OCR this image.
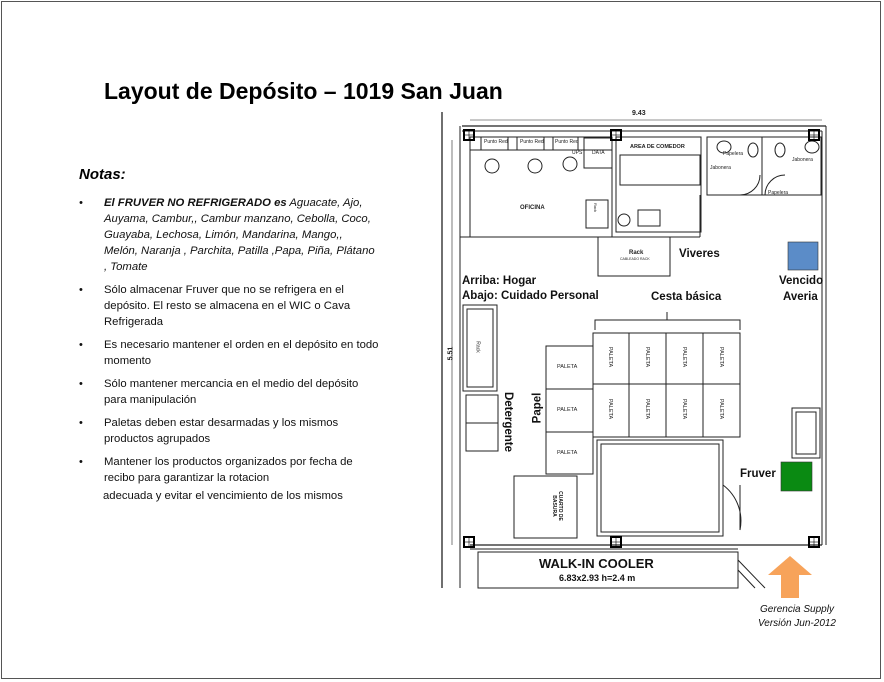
Layout de Depósito – 1019 San Juan
Notas:
• El FRUVER NO REFRIGERADO es Aguacate, Ajo, Auyama, Cambur,, Cambur manzano, Cebolla, Coco, Guayaba, Lechosa, Limón, Mandarina, Mango,, Melón, Naranja , Parchita, Patilla ,Papa, Piña, Plátano , Tomate
• Sólo almacenar Fruver que no se refrigera en el depósito. El resto se almacena en el WIC o Cava Refrigerada
• Es necesario mantener el orden en el depósito en todo momento
• Sólo mantener mercancia en el medio del depósito para manipulación
• Paletas deben estar desarmadas y los mismos productos agrupados
• Mantener los productos organizados por fecha de recibo para garantizar la rotacion
adecuada y evitar el vencimiento de los mismos
9.43
5.51
Punto Red Punto Red Punto Red
UPS DATA
OFICINA
AREA DE COMEDOR
Rack
Papelera
Jabonera
Jabonera
Papelera
Rack
CABLEADO RACK
Rack
Viveres
Vencido
Averia
Arriba: Hogar
Abajo: Cuidado Personal	Cesta básica
Detergente Papel
Fruver
CUARTO DE BASURA
WALK-IN COOLER
6.83x2.93 h=2.4 m
PALETA
PALETA
PALETA
PALETA	PALETA	PALETA	PALETA
PALETA	PALETA	PALETA	PALETA
Gerencia Supply
Versión Jun-2012
